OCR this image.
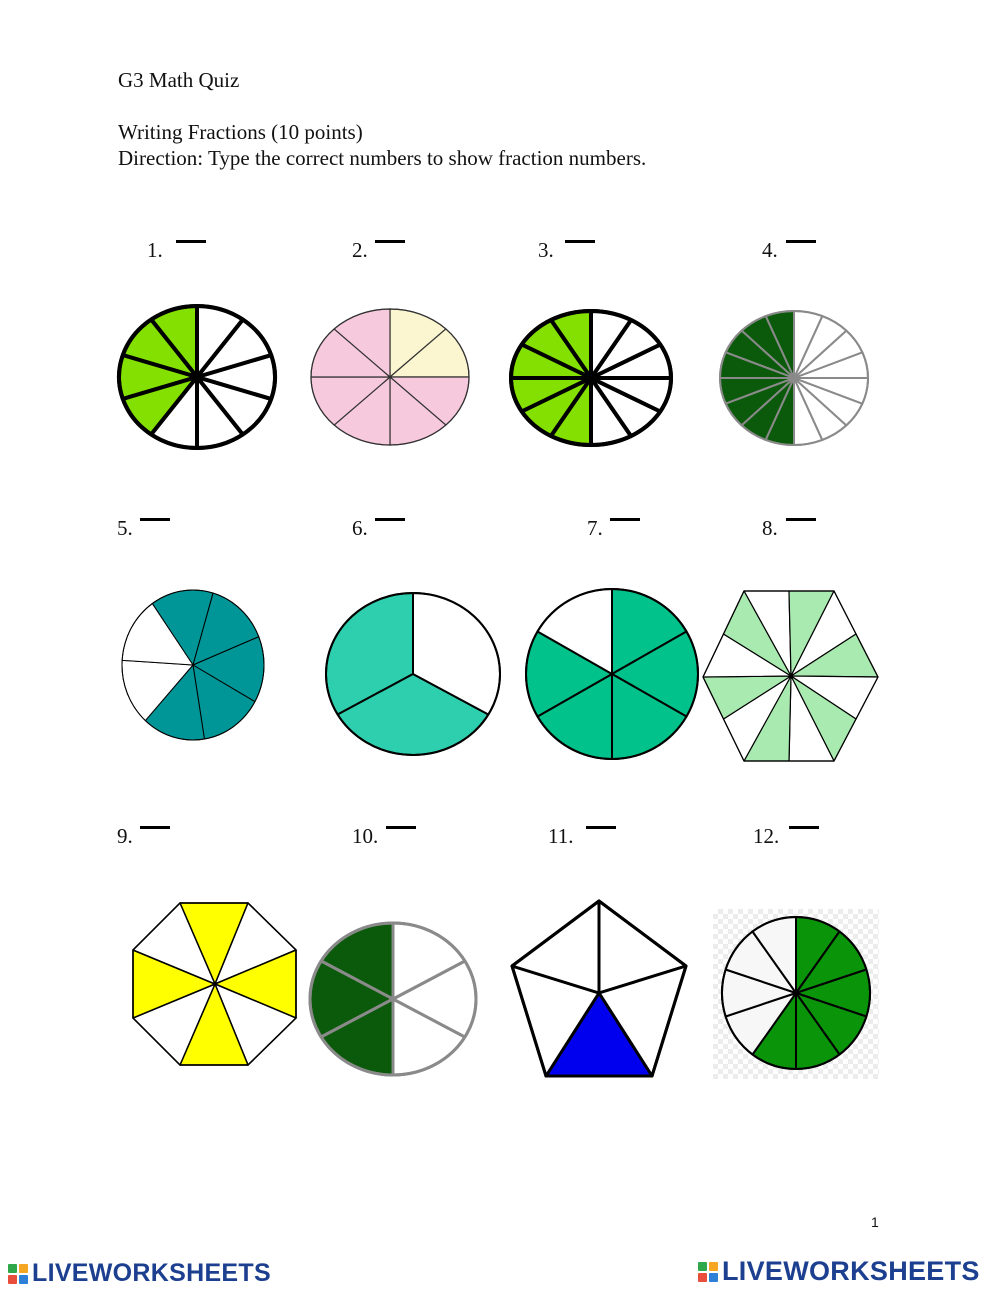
G3 Math Quiz
Writing Fractions (10 points)
Direction: Type the correct numbers to show fraction numbers.
1.	2.	3.	4.
5.	6.	7.	8.
9.	10.	11.	12.
1
LIVEWORKSHEETS	LIVEWORKSHEETS
